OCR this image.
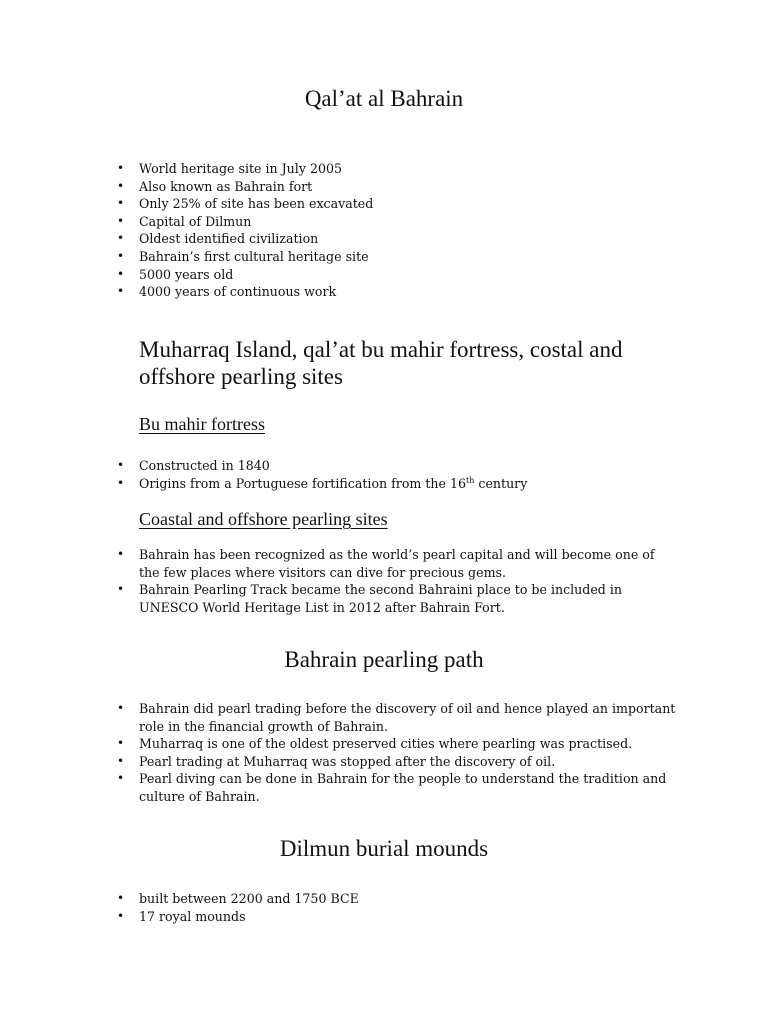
Qal’at al Bahrain
• World heritage site in July 2005
• Also known as Bahrain fort
• Only 25% of site has been excavated
• Capital of Dilmun
• Oldest identified civilization
• Bahrain’s first cultural heritage site
• 5000 years old
• 4000 years of continuous work
Muharraq Island, qal’at bu mahir fortress, costal and offshore pearling sites
Bu mahir fortress
• Constructed in 1840
• Origins from a Portuguese fortification from the 16th century
Coastal and offshore pearling sites
• Bahrain has been recognized as the world’s pearl capital and will become one of the few places where visitors can dive for precious gems.
• Bahrain Pearling Track became the second Bahraini place to be included in UNESCO World Heritage List in 2012 after Bahrain Fort.
Bahrain pearling path
• Bahrain did pearl trading before the discovery of oil and hence played an important role in the financial growth of Bahrain.
• Muharraq is one of the oldest preserved cities where pearling was practised.
• Pearl trading at Muharraq was stopped after the discovery of oil.
• Pearl diving can be done in Bahrain for the people to understand the tradition and culture of Bahrain.
Dilmun burial mounds
• built between 2200 and 1750 BCE
• 17 royal mounds
